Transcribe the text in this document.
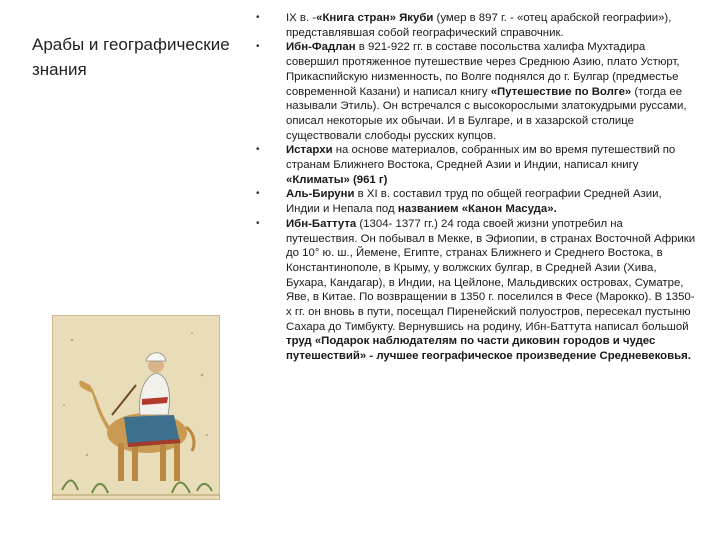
Арабы и географические знания
• IX в. -«Книга стран» Якуби (умер в 897 г. - «отец арабской географии»), представлявшая собой географический справочник.
• Ибн-Фадлан в 921-922 гг. в составе посольства халифа Мухтадира совершил протяженное путешествие через Среднюю Азию, плато Устюрт, Прикаспийскую низменность, по Волге поднялся до г. Булгар (предместье современной Казани) и написал книгу «Путешествие по Волге» (тогда ее называли Этиль). Он встречался с высокорослыми златокудрыми руссами, описал некоторые их обычаи. И в Булгаре, и в хазарской столице существовали слободы русских купцов.
• Истархи на основе материалов, собранных им во время путешествий по странам Ближнего Востока, Средней Азии и Индии, написал книгу «Климаты» (961 г)
• Аль-Бируни в XI в. составил труд по общей географии Средней Азии, Индии и Непала под названием «Канон Масуда».
• Ибн-Баттута (1304- 1377 гг.) 24 года своей жизни употребил на путешествия. Он побывал в Мекке, в Эфиопии, в странах Восточной Африки до 10° ю. ш., Йемене, Египте, странах Ближнего и Среднего Востока, в Константинополе, в Крыму, у волжских булгар, в Средней Азии (Хива, Бухара, Кандагар), в Индии, на Цейлоне, Мальдивских островах, Суматре, Яве, в Китае. По возвращении в 1350 г. поселился в Фесе (Марокко). В 1350-х гг. он вновь в пути, посещал Пиренейский полуостров, пересекал пустыню Сахара до Тимбукту. Вернувшись на родину, Ибн-Баттута написал большой труд «Подарок наблюдателям по части диковин городов и чудес путешествий» - лучшее географическое произведение Средневековья.
